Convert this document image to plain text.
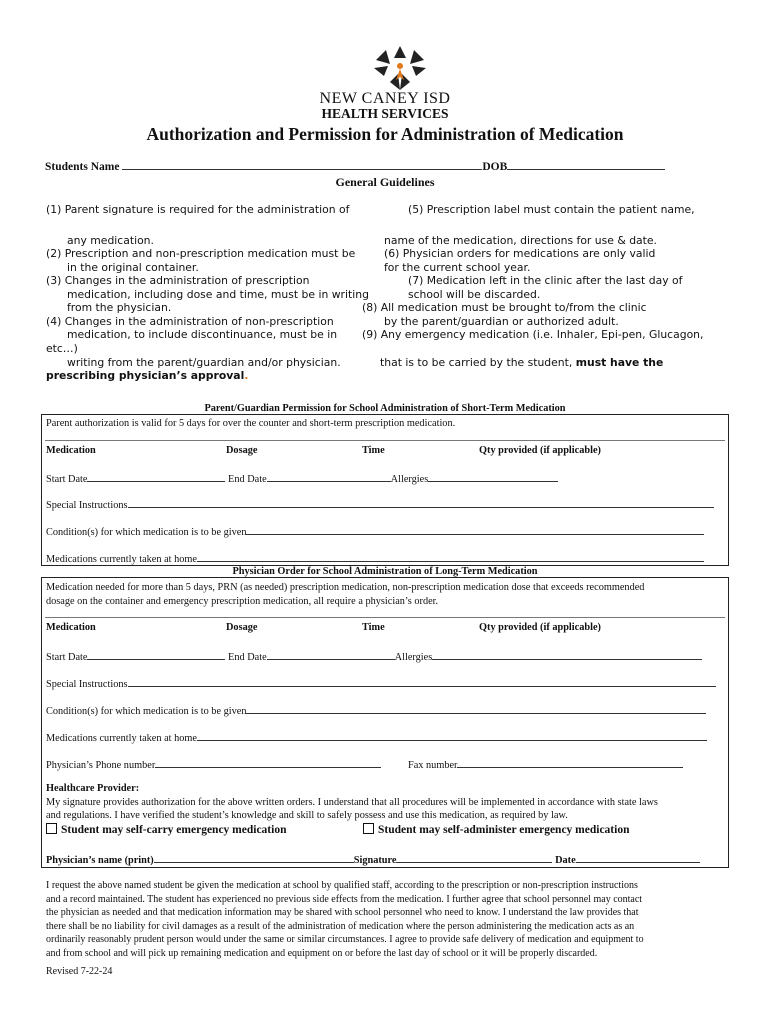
NEW CANEY ISD
HEALTH SERVICES
Authorization and Permission for Administration of Medication
Students Name	DOB
General Guidelines
(1) Parent signature is required for the administration of	(5) Prescription label must contain the patient name,
any medication.	name of the medication, directions for use & date.
(2) Prescription and non-prescription medication must be	(6) Physician orders for medications are only valid
in the original container.	for the current school year.
(3) Changes in the administration of prescription	(7) Medication left in the clinic after the last day of
medication, including dose and time, must be in writing	school will be discarded.
from the physician.	(8) All medication must be brought to/from the clinic
(4) Changes in the administration of non-prescription	by the parent/guardian or authorized adult.
medication, to include discontinuance, must be in (9) Any emergency medication (i.e. Inhaler, Epi-pen, Glucagon,
etc…)
writing from the parent/guardian and/or physician.	that is to be carried by the student, must have the
prescribing physician’s approval.
Parent/Guardian Permission for School Administration of Short-Term Medication
Parent authorization is valid for 5 days for over the counter and short-term prescription medication.
Medication	Dosage	Time	Qty provided (if applicable)
Start Date	End Date	Allergies
Special Instructions
Condition(s) for which medication is to be given
Medications currently taken at home
Physician Order for School Administration of Long-Term Medication
Medication needed for more than 5 days, PRN (as needed) prescription medication, non-prescription medication dose that exceeds recommended
dosage on the container and emergency prescription medication, all require a physician’s order.
Medication	Dosage	Time	Qty provided (if applicable)
Start Date	End Date	Allergies
Special Instructions
Condition(s) for which medication is to be given
Medications currently taken at home
Physician’s Phone number	Fax number
Healthcare Provider:
My signature provides authorization for the above written orders. I understand that all procedures will be implemented in accordance with state laws
and regulations. I have verified the student’s knowledge and skill to safely possess and use this medication, as required by law.
Student may self-carry emergency medication	Student may self-administer emergency medication
Physician’s name (print)	Signature	Date
I request the above named student be given the medication at school by qualified staff, according to the prescription or non-prescription instructions
and a record maintained. The student has experienced no previous side effects from the medication. I further agree that school personnel may contact
the physician as needed and that medication information may be shared with school personnel who need to know. I understand the law provides that
there shall be no liability for civil damages as a result of the administration of medication where the person administering the medication acts as an
ordinarily reasonably prudent person would under the same or similar circumstances. I agree to provide safe delivery of medication and equipment to
and from school and will pick up remaining medication and equipment on or before the last day of school or it will be properly discarded.
Revised 7-22-24
